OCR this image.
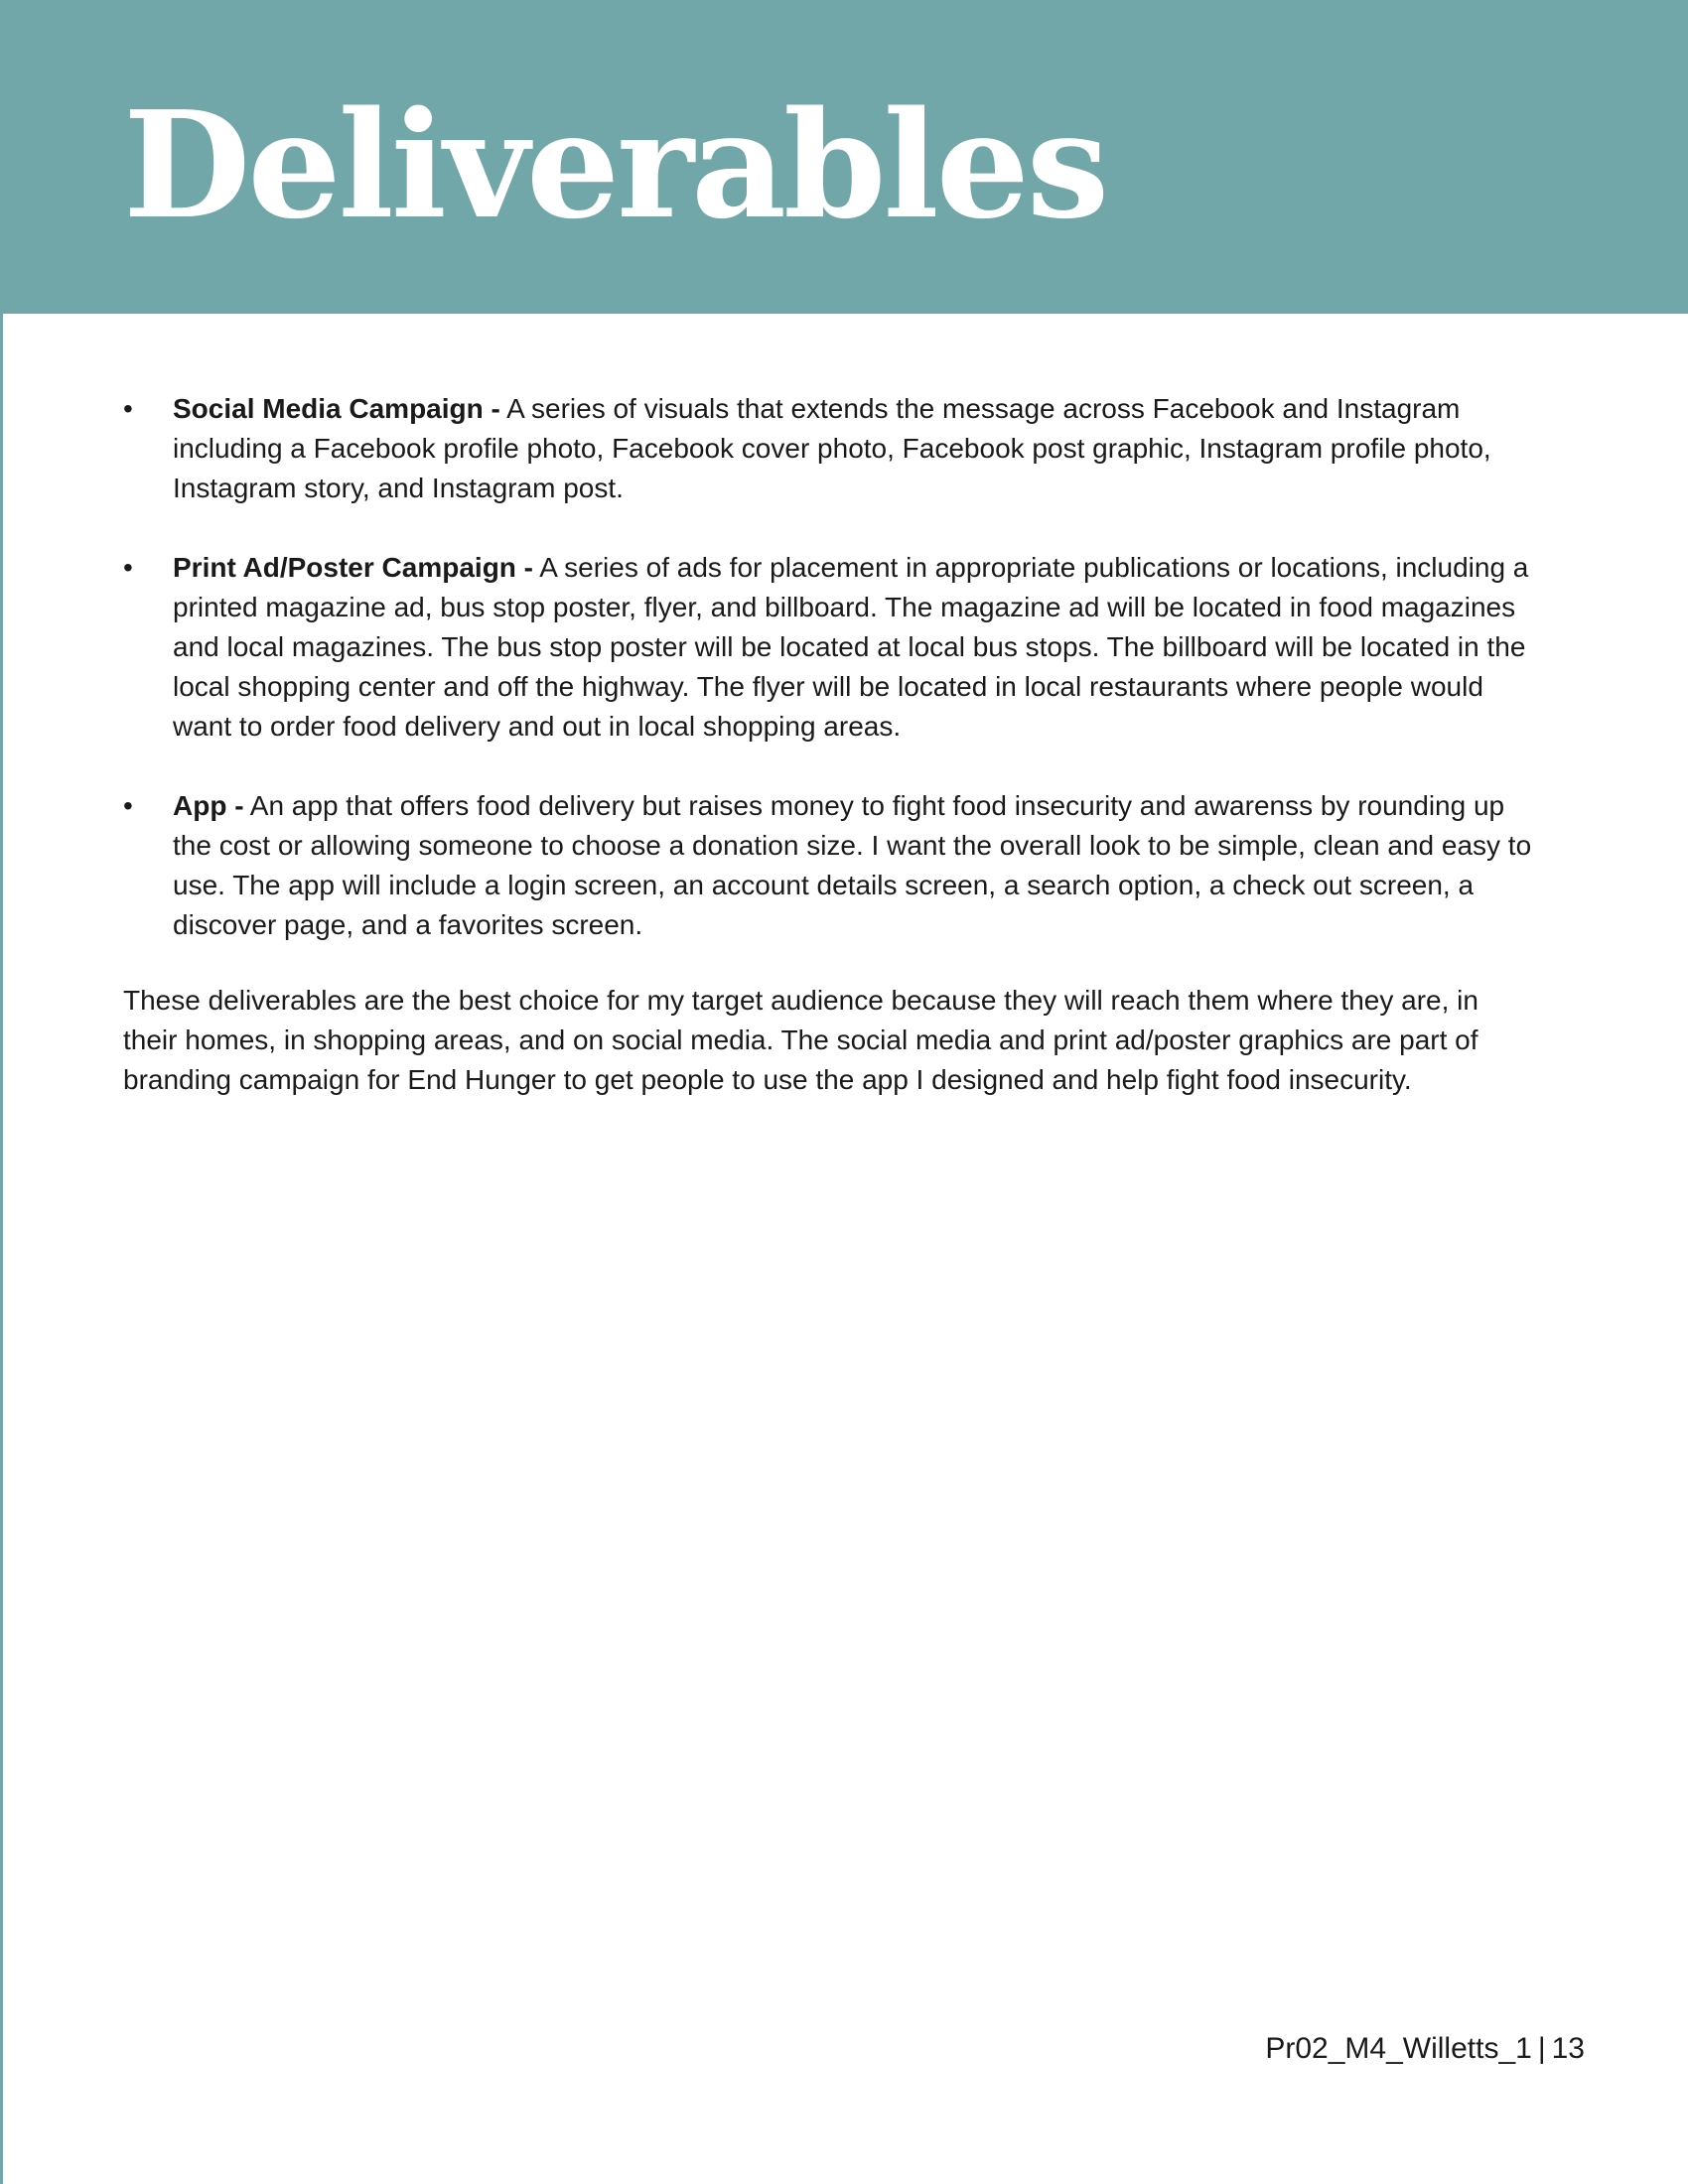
Deliverables
•	Social Media Campaign - A series of visuals that extends the message across Facebook and Instagram including a Facebook profile photo, Facebook cover photo, Facebook post graphic, Instagram profile photo, Instagram story, and Instagram post.
•	Print Ad/Poster Campaign - A series of ads for placement in appropriate publications or locations, including a printed magazine ad, bus stop poster, flyer, and billboard. The magazine ad will be located in food magazines and local magazines. The bus stop poster will be located at local bus stops. The billboard will be located in the local shopping center and off the highway. The flyer will be located in local restaurants where people would want to order food delivery and out in local shopping areas.
•	App - An app that offers food delivery but raises money to fight food insecurity and awarenss by rounding up the cost or allowing someone to choose a donation size. I want the overall look to be simple, clean and easy to use. The app will include a login screen, an account details screen, a search option, a check out screen, a discover page, and a favorites screen.

These deliverables are the best choice for my target audience because they will reach them where they are, in their homes, in shopping areas, and on social media. The social media and print ad/poster graphics are part of branding campaign for End Hunger to get people to use the app I designed and help fight food insecurity.

Pr02_M4_Willetts_1 | 13
